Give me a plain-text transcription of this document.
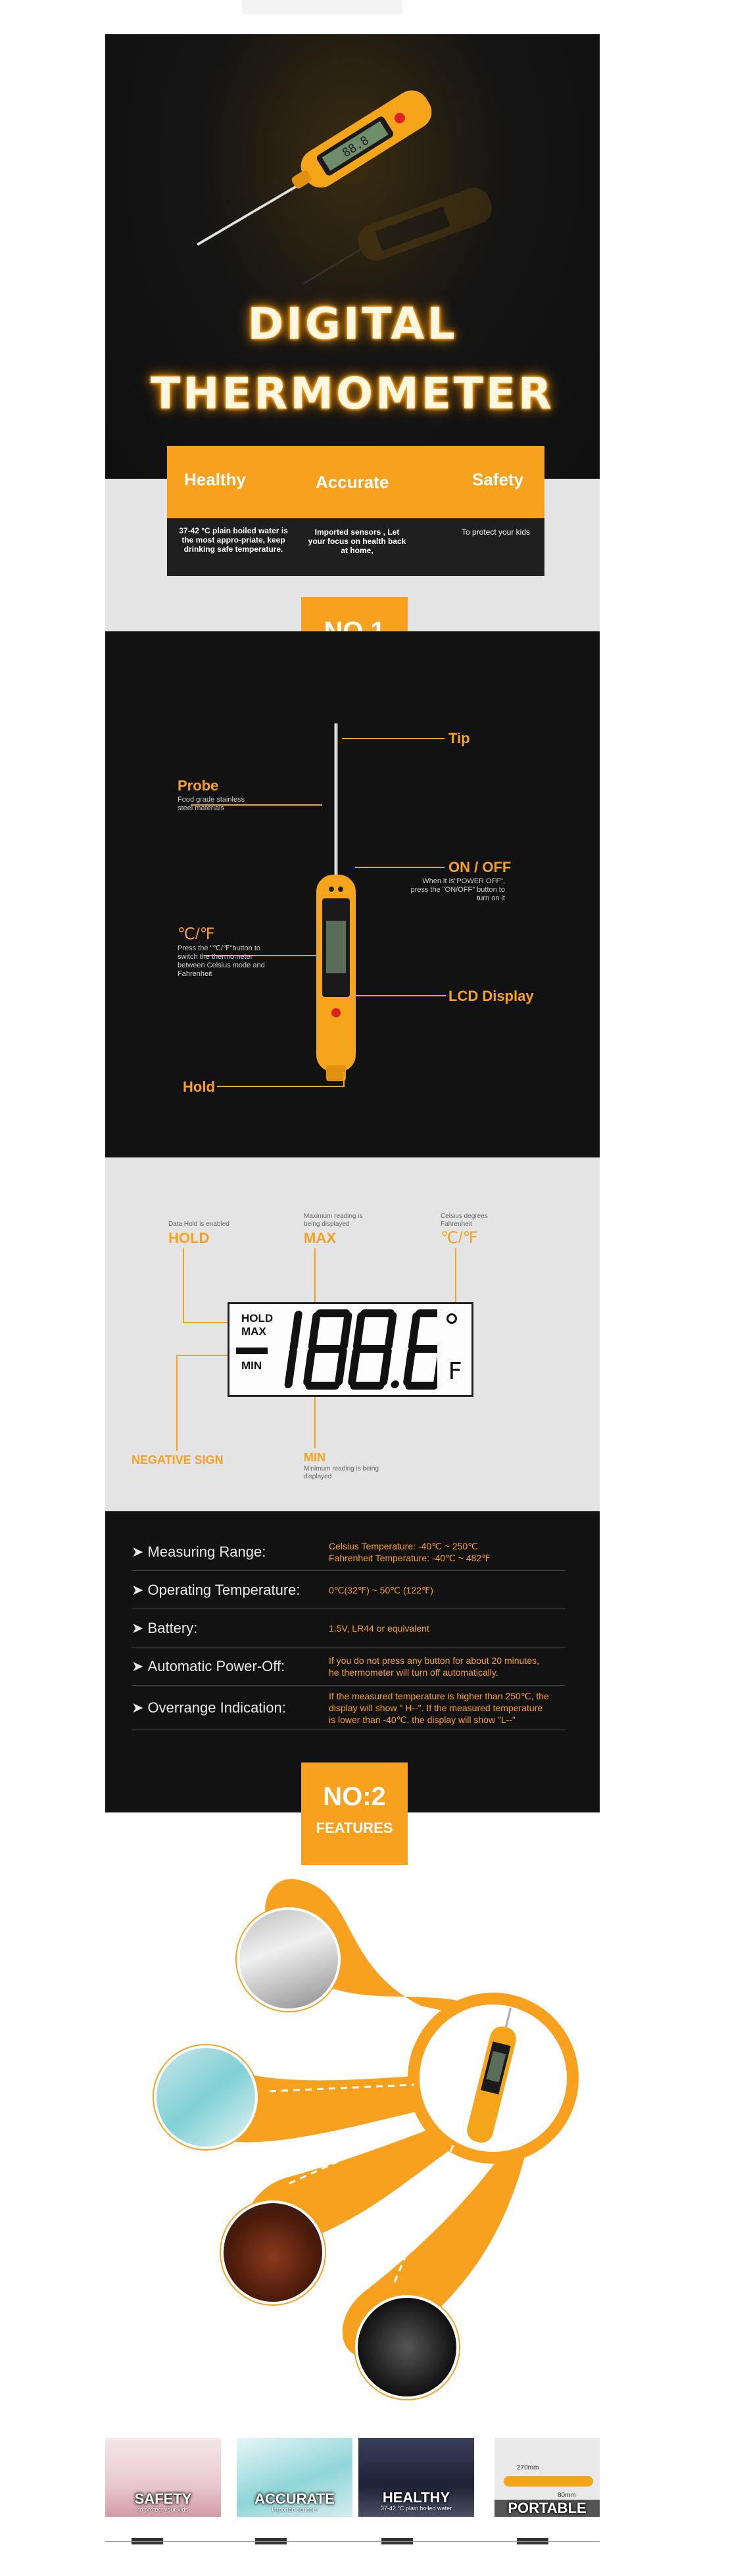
88.8
DIGITAL
THERMOMETER
Healthy	Accurate	Safety
37-42 °C plain boiled water is the most appro-priate, keep drinking safe temperature.
Imported sensors , Let your focus on health back at home,
To protect your kids
Tip
Probe
Food grade stainless steel materials
ON / OFF
When it is"POWER OFF", press the "ON/OFF" button to turn on it
℃/℉
Press the "℃/℉"button to switch the thermometer between Celsius mode and Fahrenheit
LCD Display
Hold
Data Hold is enabled
HOLD
Maximum reading is being displayed
MAX
Celsius degrees Fahrenheit
℃/℉
HOLD
MAX
MIN	F
NEGATIVE SIGN	MIN
Minimum reading is being displayed
➤ Measuring Range:	Celsius Temperature: -40℃ ~ 250℃
Fahrenheit Temperature: -40℃ ~ 482℉
➤ Operating Temperature:	0℃(32℉) ~ 50℃ (122℉)
➤ Battery:	1.5V, LR44 or equivalent
➤ Automatic Power-Off:	If you do not press any button for about 20 minutes,
he thermometer will turn off automatically.
➤ Overrange Indication:
If the measured temperature is higher than 250℃, the display will show " H--". If the measured temperature
is lower than -40℃, the display will show "L--"
NO:2
FEATURES
SAFETY
to protect your kids
ACCURATE
Imported sensors
HEALTHY
37-42 °C plain boiled water
270mm
80mm
PORTABLE
